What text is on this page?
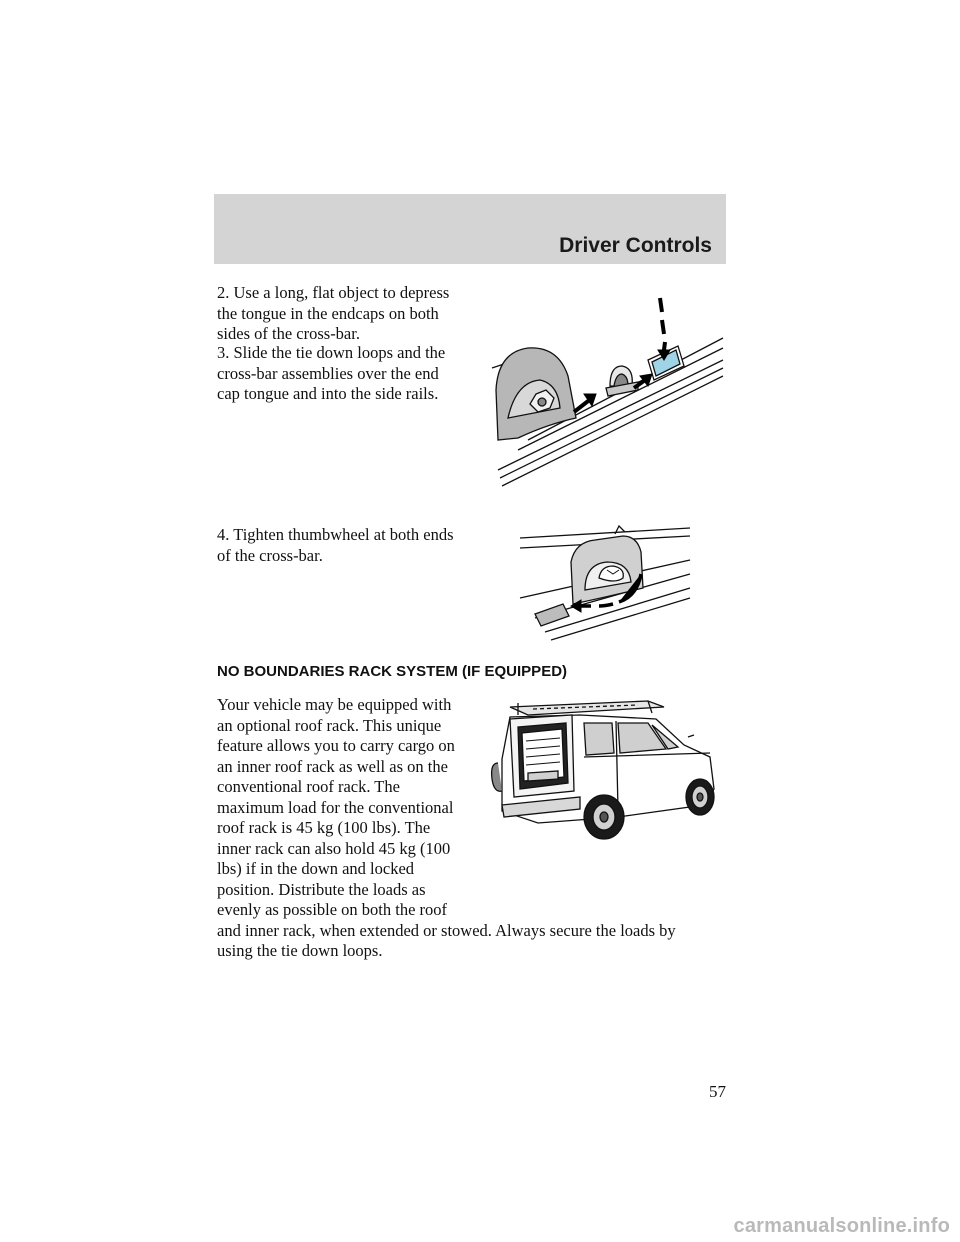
Driver Controls

2. Use a long, flat object to depress
the tongue in the endcaps on both
sides of the cross-bar.

3. Slide the tie down loops and the
cross-bar assemblies over the end
cap tongue and into the side rails.

4. Tighten thumbwheel at both ends
of the cross-bar.

NO BOUNDARIES RACK SYSTEM (IF EQUIPPED)

Your vehicle may be equipped with
an optional roof rack. This unique
feature allows you to carry cargo on
an inner roof rack as well as on the
conventional roof rack. The
maximum load for the conventional
roof rack is 45 kg (100 lbs). The
inner rack can also hold 45 kg (100
lbs) if in the down and locked
position. Distribute the loads as
evenly as possible on both the roof
and inner rack, when extended or stowed. Always secure the loads by
using the tie down loops.

57
carmanualsonline.info
